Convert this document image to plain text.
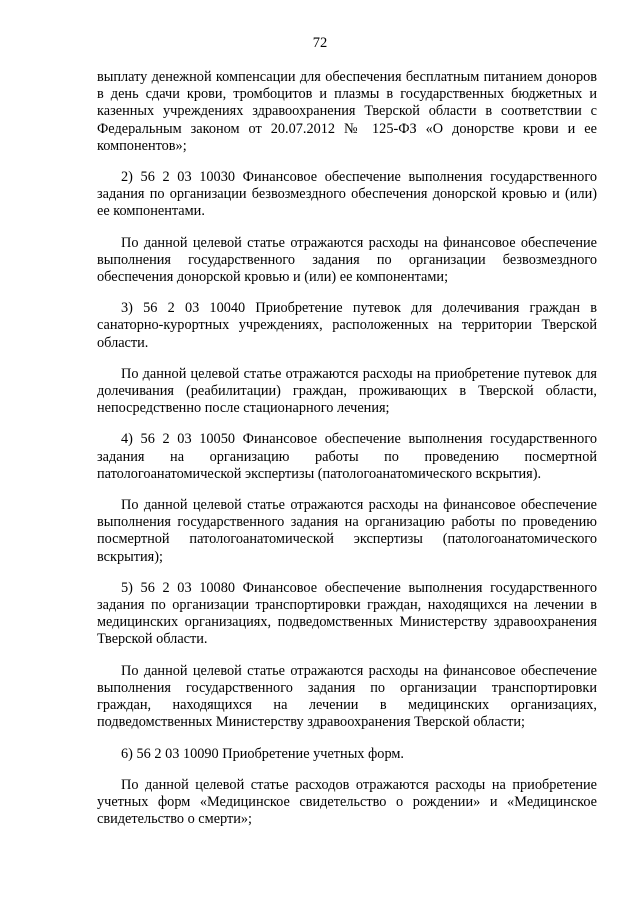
72

выплату денежной компенсации для обеспечения бесплатным питанием доноров в день сдачи крови, тромбоцитов и плазмы в государственных бюджетных и казенных учреждениях здравоохранения Тверской области в соответствии с Федеральным законом от 20.07.2012 № 125-ФЗ «О донорстве крови и ее компонентов»;

2) 56 2 03 10030 Финансовое обеспечение выполнения государственного задания по организации безвозмездного обеспечения донорской кровью и (или) ее компонентами.

По данной целевой статье отражаются расходы на финансовое обеспечение выполнения государственного задания по организации безвозмездного обеспечения донорской кровью и (или) ее компонентами;

3) 56 2 03 10040 Приобретение путевок для долечивания граждан в санаторно-курортных учреждениях, расположенных на территории Тверской области.

По данной целевой статье отражаются расходы на приобретение путевок для долечивания (реабилитации) граждан, проживающих в Тверской области, непосредственно после стационарного лечения;

4) 56 2 03 10050 Финансовое обеспечение выполнения государственного задания на организацию работы по проведению посмертной патологоанатомической экспертизы (патологоанатомического вскрытия).

По данной целевой статье отражаются расходы на финансовое обеспечение выполнения государственного задания на организацию работы по проведению посмертной патологоанатомической экспертизы (патологоанатомического вскрытия);

5) 56 2 03 10080 Финансовое обеспечение выполнения государственного задания по организации транспортировки граждан, находящихся на лечении в медицинских организациях, подведомственных Министерству здравоохранения Тверской области.

По данной целевой статье отражаются расходы на финансовое обеспечение выполнения государственного задания по организации транспортировки граждан, находящихся на лечении в медицинских организациях, подведомственных Министерству здравоохранения Тверской области;

6) 56 2 03 10090 Приобретение учетных форм.

По данной целевой статье расходов отражаются расходы на приобретение учетных форм «Медицинское свидетельство о рождении» и «Медицинское свидетельство о смерти»;
